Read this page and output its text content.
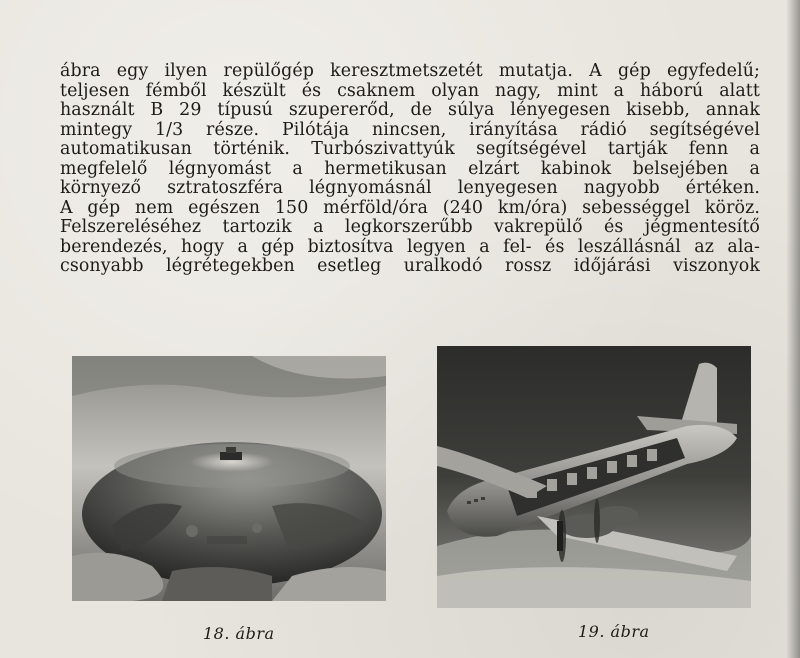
ábra egy ilyen repülőgép keresztmetszetét mutatja. A gép egyfedelű;
teljesen fémből készült és csaknem olyan nagy, mint a háború alatt
használt B 29 típusú szupererőd, de súlya lényegesen kisebb, annak
mintegy 1/3 része. Pilótája nincsen, irányítása rádió segítségével
automatikusan történik. Turbószivattyúk segítségével tartják fenn a
megfelelő légnyomást a hermetikusan elzárt kabinok belsejében a
környező sztratoszféra légnyomásnál lenyegesen nagyobb értéken.
A gép nem egészen 150 mérföld/óra (240 km/óra) sebességgel köröz.
Felszereléséhez tartozik a legkorszerűbb vakrepülő és jégmentesítő
berendezés, hogy a gép biztosítva legyen a fel- és leszállásnál az ala-
csonyabb légrétegekben esetleg uralkodó rossz időjárási viszonyok
18. ábra	19. ábra
